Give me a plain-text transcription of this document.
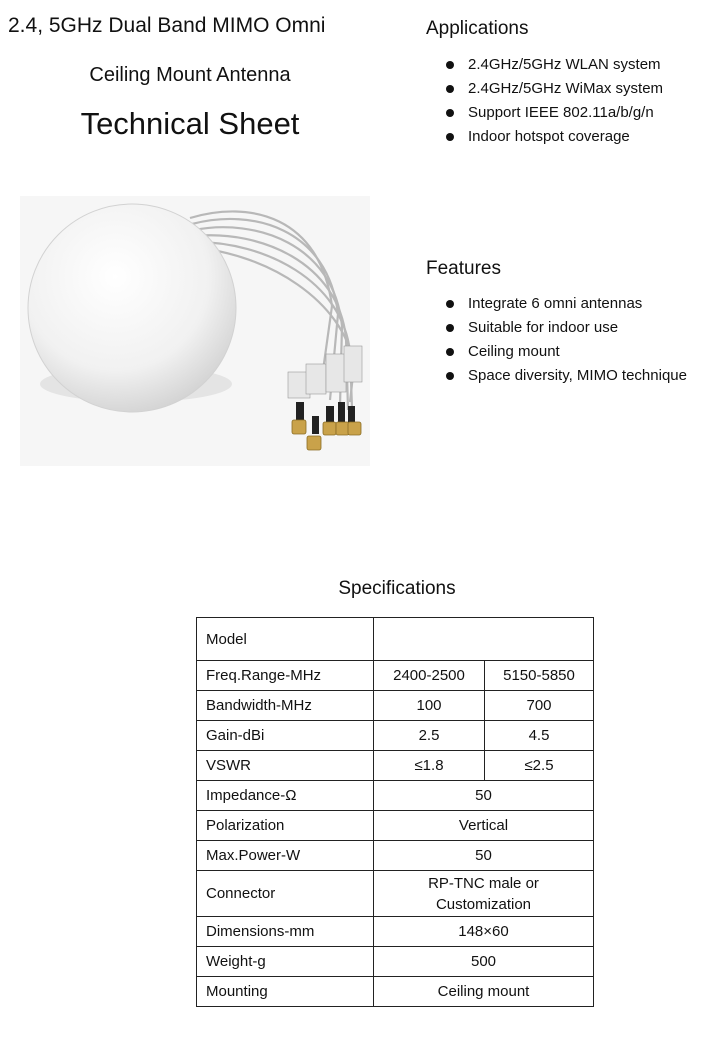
2.4, 5GHz Dual Band MIMO Omni
Ceiling Mount Antenna
Technical Sheet
Applications
2.4GHz/5GHz WLAN system
2.4GHz/5GHz WiMax system
Support IEEE 802.11a/b/g/n
Indoor hotspot coverage
Features
Integrate 6 omni antennas
Suitable for indoor use
Ceiling mount
Space diversity, MIMO technique
Specifications
Model		
Freq.Range-MHz	2400-2500	5150-5850
Bandwidth-MHz	100	700
Gain-dBi	2.5	4.5
VSWR	≤1.8	≤2.5
Impedance-Ω	50	
Polarization	Vertical	
Max.Power-W	50	
Connector	RP-TNC male or
Customization	

Dimensions-mm	148×60	
Weight-g	500	
Mounting	Ceiling mount	
